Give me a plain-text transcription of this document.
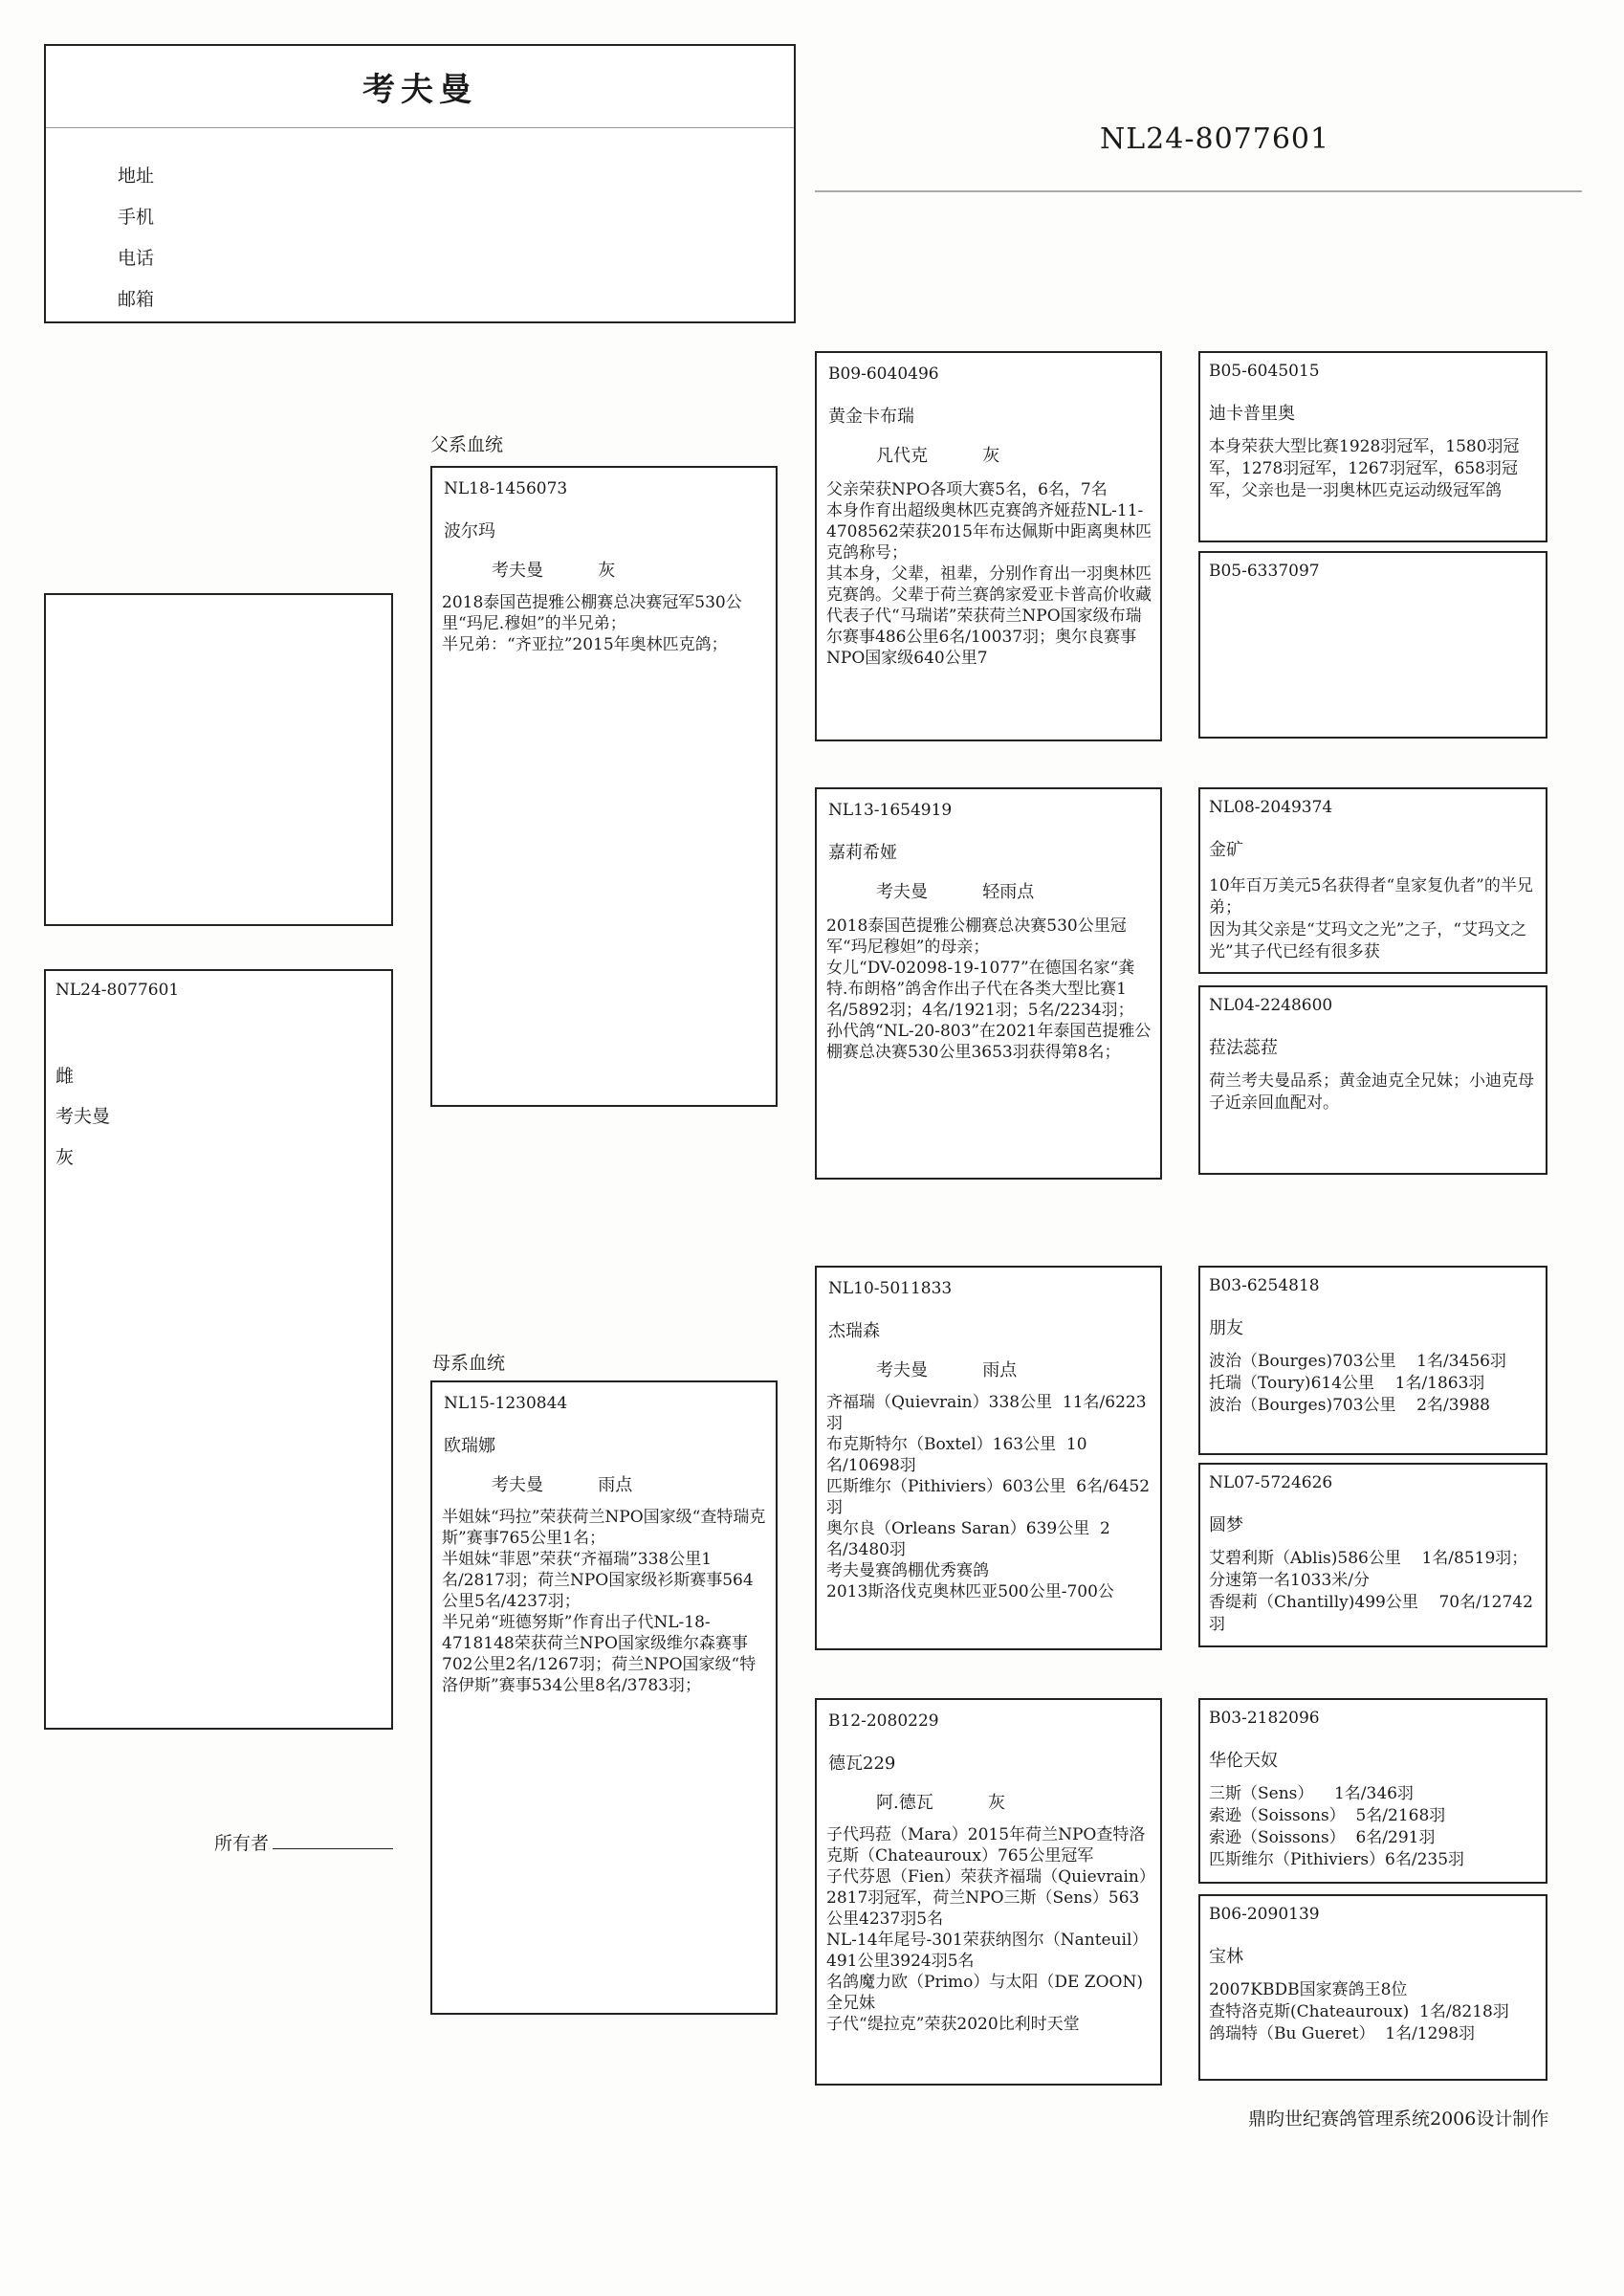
考夫曼
地址
手机
电话
邮箱
NL24-8077601
NL24-8077601
雌
考夫曼
灰
所有者
父系血统
母系血统
NL18-1456073
波尔玛
考夫曼          灰
2018泰国芭提雅公棚赛总决赛冠军530公里“玛尼.穆妲”的半兄弟；
半兄弟：“齐亚拉”2015年奥林匹克鸽；
NL15-1230844
欧瑞娜
考夫曼          雨点
半姐妹“玛拉”荣获荷兰NPO国家级“查特瑞克斯”赛事765公里1名；
半姐妹“菲恩”荣获“齐福瑞”338公里1名/2817羽；荷兰NPO国家级衫斯赛事564公里5名/4237羽；
半兄弟“班德努斯”作育出子代NL-18-4718148荣获荷兰NPO国家级维尔森赛事702公里2名/1267羽；荷兰NPO国家级“特洛伊斯”赛事534公里8名/3783羽；
B09-6040496
黄金卡布瑞
凡代克          灰
父亲荣获NPO各项大赛5名，6名，7名
本身作育出超级奥林匹克赛鸽齐娅菈NL-11-4708562荣获2015年布达佩斯中距离奥林匹克鸽称号；
其本身，父辈，祖辈，分别作育出一羽奥林匹克赛鸽。父辈于荷兰赛鸽家爱亚卡普高价收藏
代表子代“马瑞诺”荣获荷兰NPO国家级布瑞尔赛事486公里6名/10037羽；奥尔良赛事NPO国家级640公里7
NL13-1654919
嘉莉希娅
考夫曼          轻雨点
2018泰国芭提雅公棚赛总决赛530公里冠军“玛尼穆妲”的母亲；
女儿“DV-02098-19-1077”在德国名家“龚特.布朗格”鸽舍作出子代在各类大型比赛1名/5892羽；4名/1921羽；5名/2234羽；
孙代鸽“NL-20-803”在2021年泰国芭提雅公棚赛总决赛530公里3653羽获得第8名；
NL10-5011833
杰瑞森
考夫曼          雨点
齐福瑞（Quievrain）338公里  11名/6223羽
布克斯特尔（Boxtel）163公里  10名/10698羽
匹斯维尔（Pithiviers）603公里  6名/6452羽
奥尔良（Orleans Saran）639公里  2名/3480羽
考夫曼赛鸽棚优秀赛鸽
2013斯洛伐克奥林匹亚500公里-700公
B12-2080229
德瓦229
阿.德瓦          灰
子代玛菈（Mara）2015年荷兰NPO查特洛克斯（Chateauroux）765公里冠军
子代芬恩（Fien）荣获齐福瑞（Quievrain）2817羽冠军，荷兰NPO三斯（Sens）563公里4237羽5名
NL-14年尾号-301荣获纳图尔（Nanteuil）491公里3924羽5名
名鸽魔力欧（Primo）与太阳（DE ZOON)全兄妹
子代“缇拉克”荣获2020比利时天堂
B05-6045015
迪卡普里奥
本身荣获大型比赛1928羽冠军，1580羽冠军，1278羽冠军，1267羽冠军，658羽冠军，父亲也是一羽奥林匹克运动级冠军鸽
B05-6337097
NL08-2049374
金矿
10年百万美元5名获得者“皇家复仇者”的半兄弟；
因为其父亲是“艾玛文之光”之子，“艾玛文之光”其子代已经有很多获
NL04-2248600
菈法蕊菈
荷兰考夫曼品系；黄金迪克全兄妹；小迪克母子近亲回血配对。
B03-6254818
朋友
波治（Bourges)703公里    1名/3456羽
托瑞（Toury)614公里    1名/1863羽
波治（Bourges)703公里    2名/3988
NL07-5724626
圆梦
艾碧利斯（Ablis)586公里    1名/8519羽；分速第一名1033米/分
香缇莉（Chantilly)499公里    70名/12742羽
B03-2182096
华伦天奴
三斯（Sens）    1名/346羽
索逊（Soissons）  5名/2168羽
索逊（Soissons）  6名/291羽
匹斯维尔（Pithiviers）6名/235羽
B06-2090139
宝林
2007KBDB国家赛鸽王8位
查特洛克斯(Chateauroux)  1名/8218羽
鸽瑞特（Bu Gueret）  1名/1298羽

鼎昀世纪赛鸽管理系统2006设计制作
